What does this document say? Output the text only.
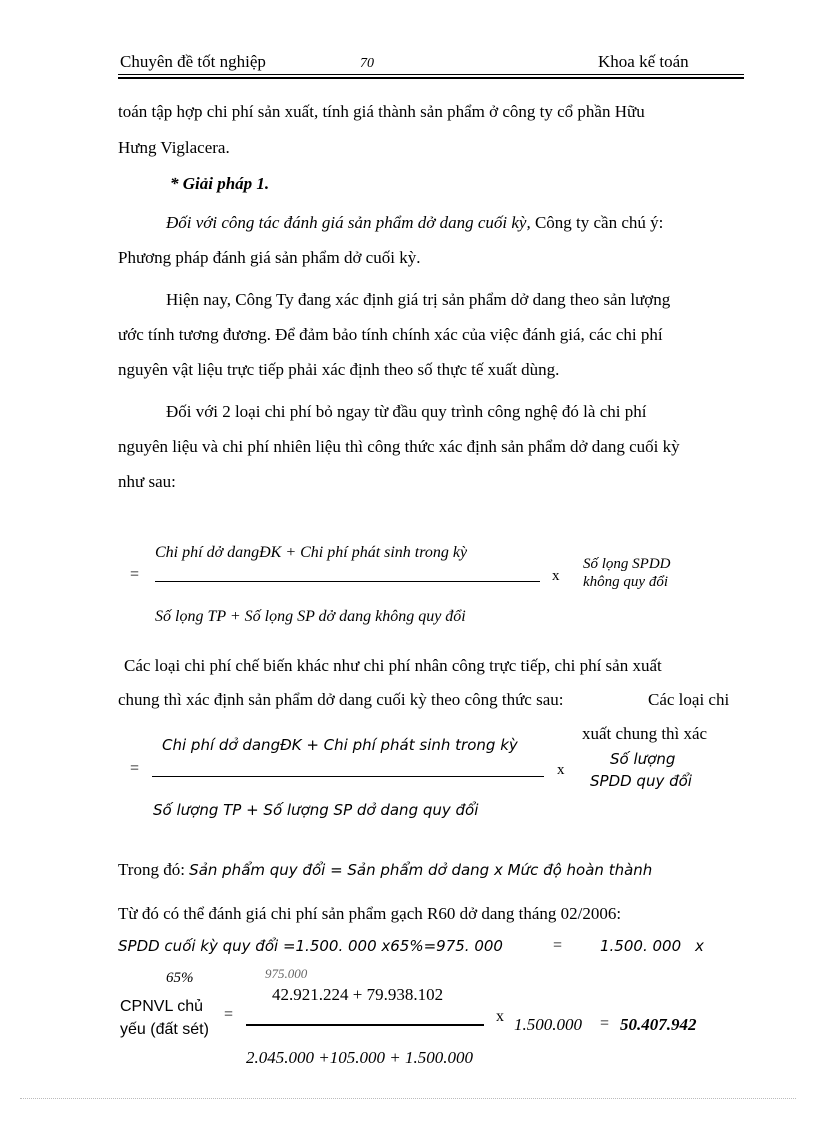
Chuyên đề tốt nghiệp	70	Khoa kế toán
toán tập hợp chi phí sản xuất, tính giá thành sản phẩm ở công ty cổ phần Hữu
Hưng Viglacera.
* Giải pháp 1.
Đối với công tác đánh giá sản phẩm dở dang cuối kỳ, Công ty cần chú ý:
Phương pháp đánh giá sản phẩm dở cuối kỳ.
Hiện nay, Công Ty đang xác định giá trị sản phẩm dở dang theo sản lượng
ước tính tương đương. Để đảm bảo tính chính xác của việc đánh giá, các chi phí
nguyên vật liệu trực tiếp phải xác định theo số thực tế xuất dùng.
Đối với 2 loại chi phí bỏ ngay từ đầu quy trình công nghệ đó là chi phí
nguyên liệu và chi phí nhiên liệu thì công thức xác định sản phẩm dở dang cuối kỳ
như sau:
Chi phí dở dangĐK + Chi phí phát sinh trong kỳ
=	x
Số lọng SPDD
không quy đổi
Số lọng TP + Số lọng SP dở dang không quy đổi
Các loại chi phí chế biến khác như chi phí nhân công trực tiếp, chi phí sản xuất
chung thì xác định sản phẩm dở dang cuối kỳ theo công thức sau:	Các loại chi
xuất chung thì xác
Chi phí dở dangĐK + Chi phí phát sinh trong kỳ
=	x
Số lượng
SPDD quy đổi
Số lượng TP + Số lượng SP dở dang quy đổi
Trong đó: Sản phẩm quy đổi = Sản phẩm dở dang x Mức độ hoàn thành
Từ đó có thể đánh giá chi phí sản phẩm gạch R60 dở dang tháng 02/2006:
SPDD cuối kỳ quy đổi =1.500. 000 x65%=975. 000	=	1.500. 000 x
65%	975.000
CPNVL chủ
yếu (đất sét)
=
42.921.224 + 79.938.102
x 1.500.000 = 50.407.942
2.045.000 +105.000 + 1.500.000
